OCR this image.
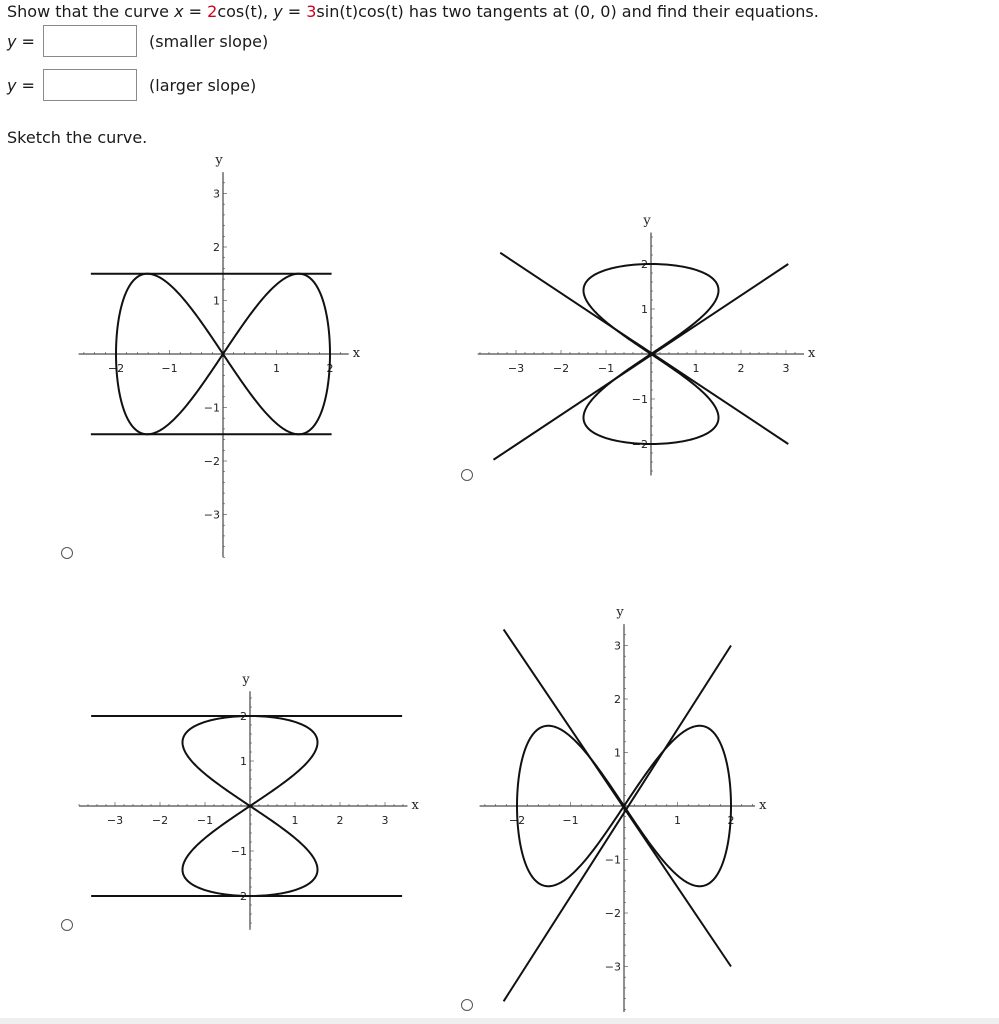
Show that the curve x = 2cos(t), y = 3sin(t)cos(t) has two tangents at (0, 0) and find their equations.
y =	(smaller slope)
y =	(larger slope)
Sketch the curve.
−2	−1	1	2
3
2
1
−1
−2
−3
x
y
−3	−2	−1	1	2	3
2
1
−1
−2
x
y
−3	−2	−1	1	2	3
2
1
−1
−2
x
y
−2	−1	1	2
3
2
1
−1
−2
−3
x
y
